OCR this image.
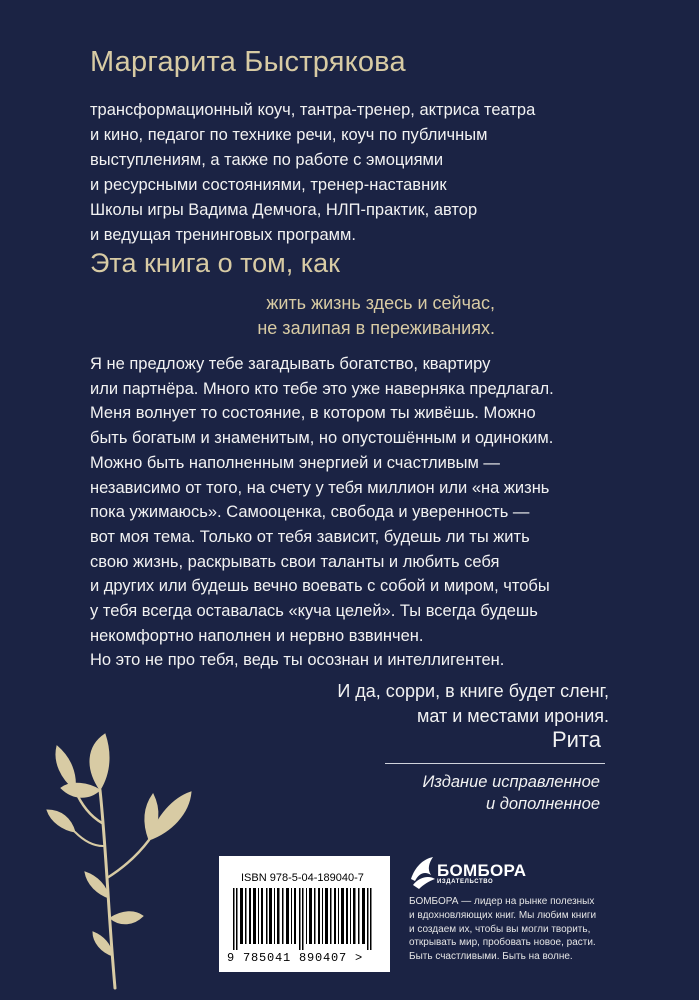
Маргарита Быстрякова
трансформационный коуч, тантра-тренер, актриса театра
и кино, педагог по технике речи, коуч по публичным
выступлениям, а также по работе с эмоциями
и ресурсными состояниями, тренер-наставник
Школы игры Вадима Демчога, НЛП-практик, автор
и ведущая тренинговых программ.
Эта книга о том, как
жить жизнь здесь и сейчас,
не залипая в переживаниях.
Я не предложу тебе загадывать богатство, квартиру
или партнёра. Много кто тебе это уже наверняка предлагал.
Меня волнует то состояние, в котором ты живёшь. Можно
быть богатым и знаменитым, но опустошённым и одиноким.
Можно быть наполненным энергией и счастливым —
независимо от того, на счету у тебя миллион или «на жизнь
пока ужимаюсь». Самооценка, свобода и уверенность —
вот моя тема. Только от тебя зависит, будешь ли ты жить
свою жизнь, раскрывать свои таланты и любить себя
и других или будешь вечно воевать с собой и миром, чтобы
у тебя всегда оставалась «куча целей». Ты всегда будешь
некомфортно наполнен и нервно взвинчен.
Но это не про тебя, ведь ты осознан и интеллигентен.
И да, сорри, в книге будет сленг,
мат и местами ирония.
Рита
Издание исправленное
и дополненное
ISBN 978-5-04-189040-7
9 785041 890407 >
БОМБОРА
ИЗДАТЕЛЬСТВО
БОМБОРА — лидер на рынке полезных
и вдохновляющих книг. Мы любим книги
и создаем их, чтобы вы могли творить,
открывать мир, пробовать новое, расти.
Быть счастливыми. Быть на волне.
